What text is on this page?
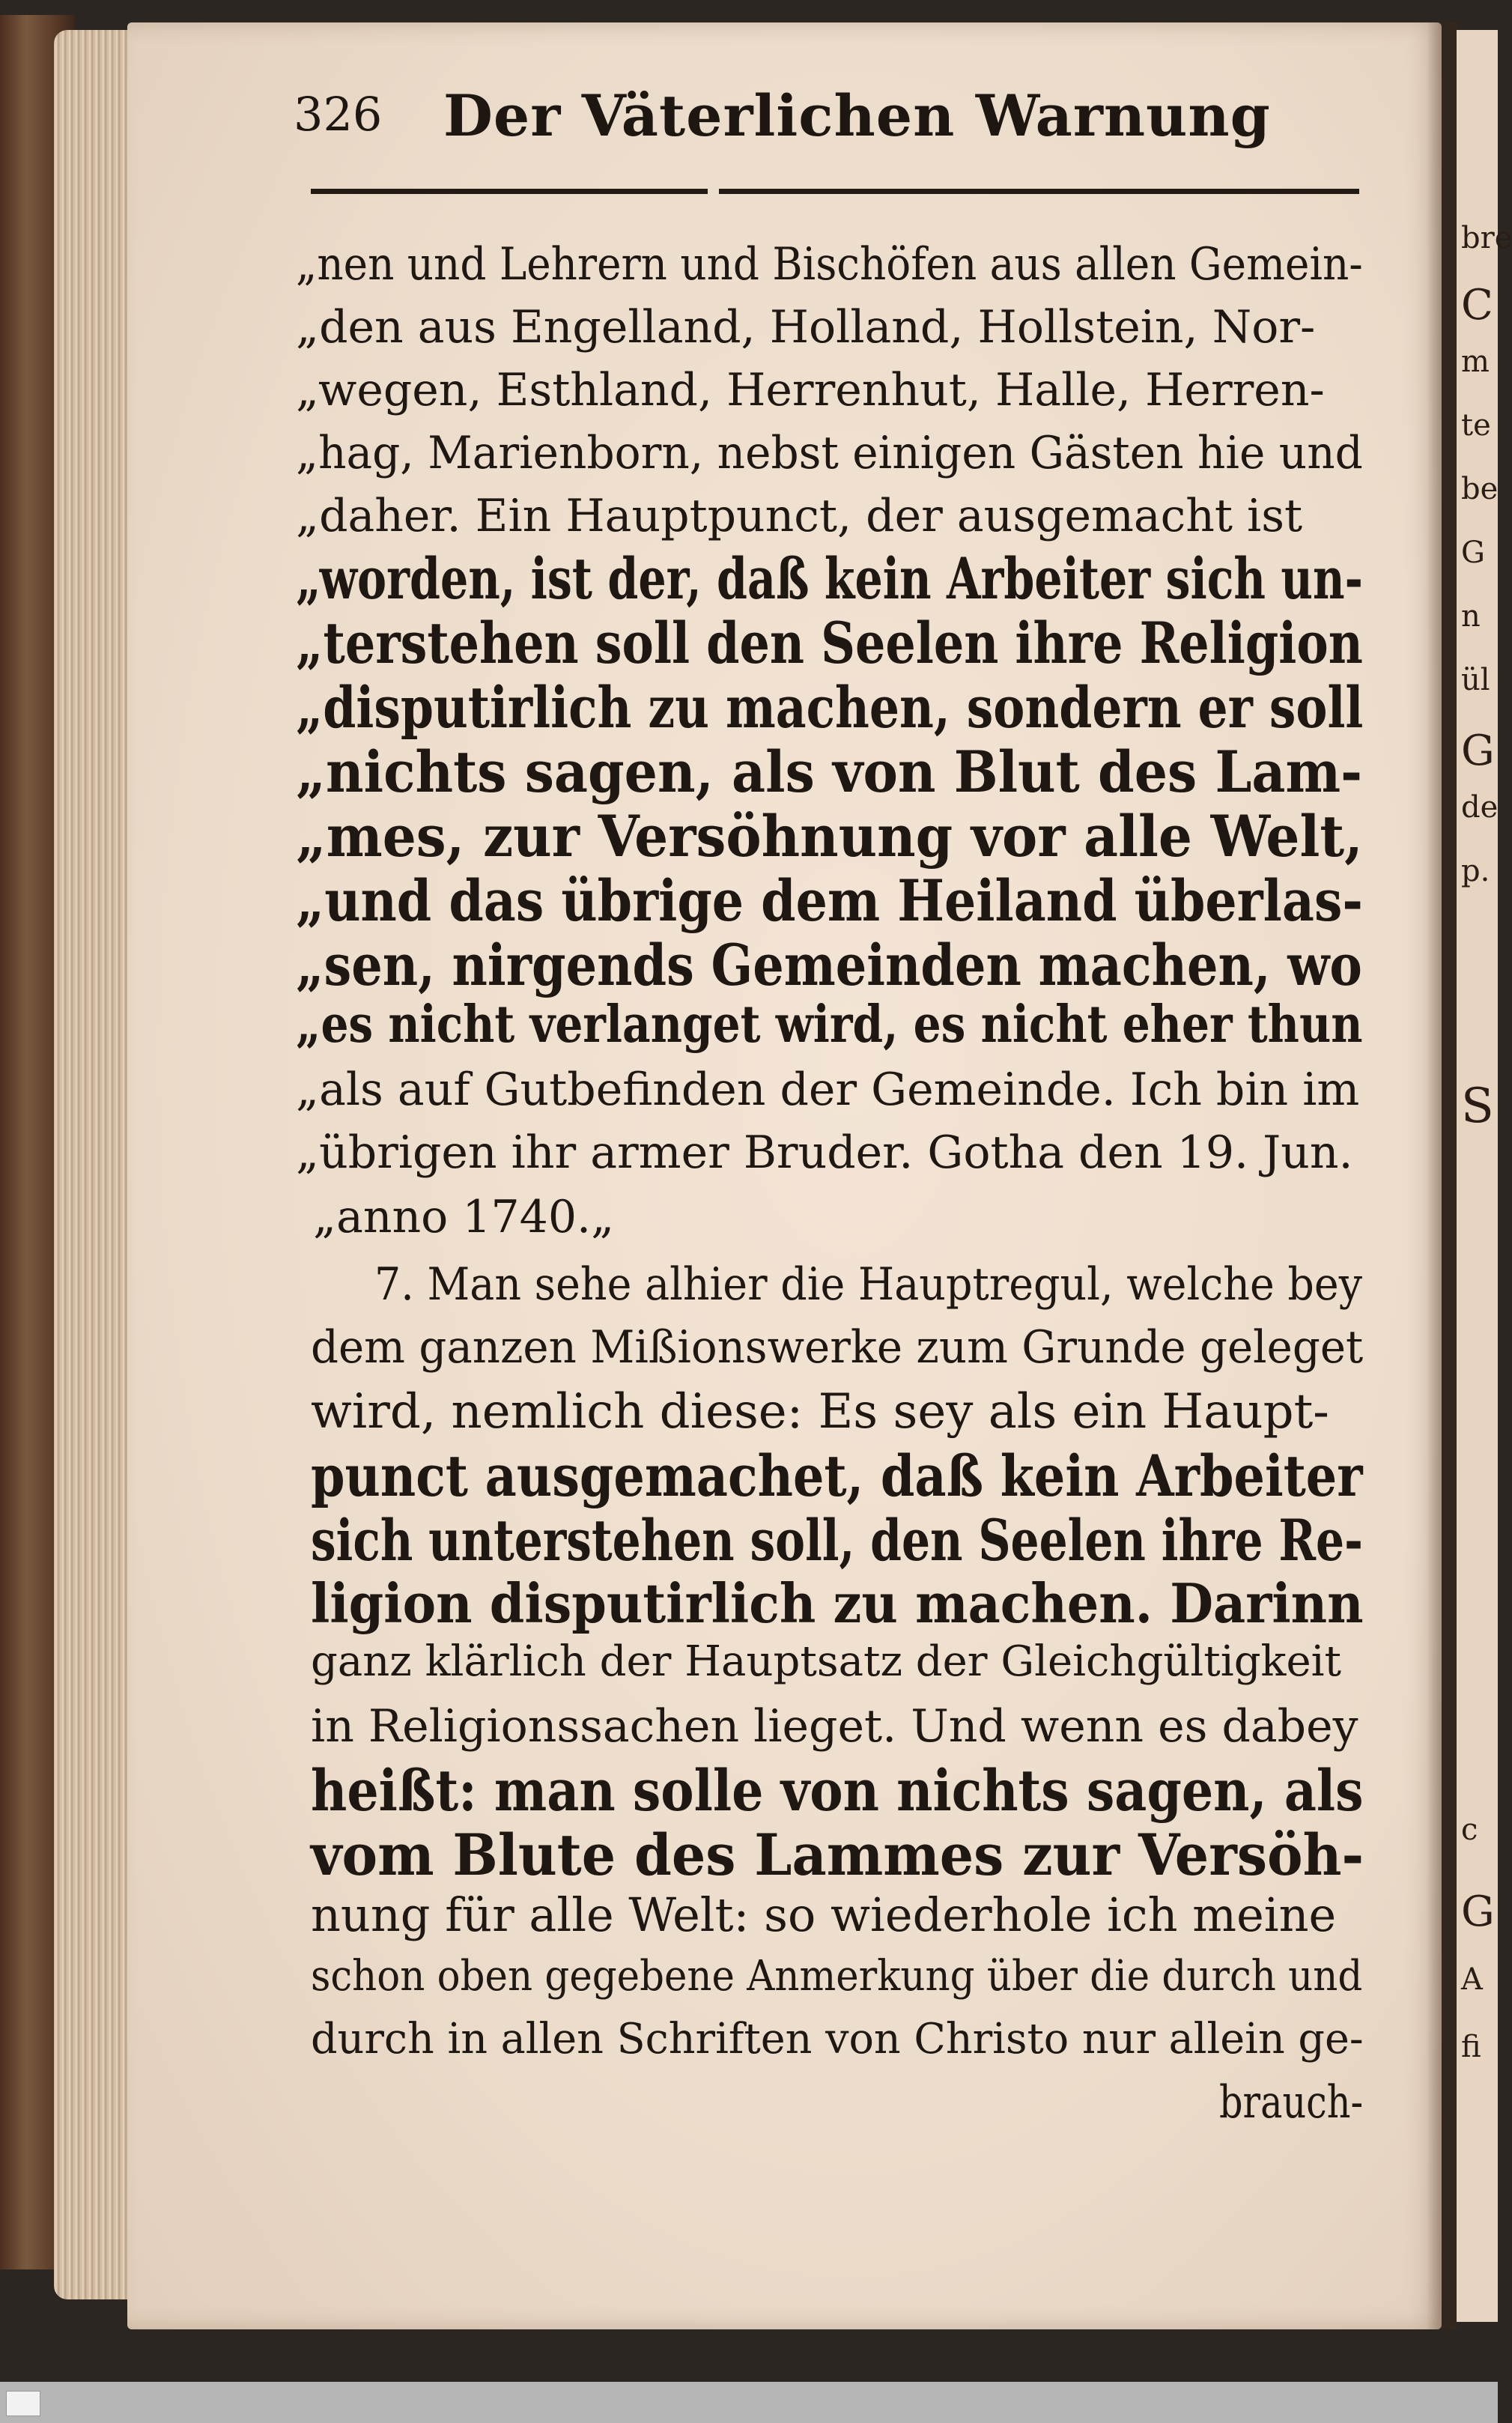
bre
C
m
te
be
G
n
ül
G
de
p.
S
c
G
A
fi
326 Der Väterlichen Warnung
„nen und Lehrern und Bischöfen aus allen Gemein-
„den aus Engelland, Holland, Hollstein, Nor-
„wegen, Esthland, Herrenhut, Halle, Herren-
„hag, Marienborn, nebst einigen Gästen hie und
„daher. Ein Hauptpunct, der ausgemacht ist
„worden, ist der, daß kein Arbeiter sich un-
„terstehen soll den Seelen ihre Religion
„disputirlich zu machen, sondern er soll
„nichts sagen, als von Blut des Lam-
„mes, zur Versöhnung vor alle Welt,
„und das übrige dem Heiland überlas-
„sen, nirgends Gemeinden machen, wo
„es nicht verlanget wird, es nicht eher thun
„als auf Gutbefinden der Gemeinde. Ich bin im
„übrigen ihr armer Bruder. Gotha den 19. Jun.
„anno 1740.„
7. Man sehe alhier die Hauptregul, welche bey
dem ganzen Mißionswerke zum Grunde geleget
wird, nemlich diese: Es sey als ein Haupt-
punct ausgemachet, daß kein Arbeiter
sich unterstehen soll, den Seelen ihre Re-
ligion disputirlich zu machen. Darinn
ganz klärlich der Hauptsatz der Gleichgültigkeit
in Religionssachen lieget. Und wenn es dabey
heißt: man solle von nichts sagen, als
vom Blute des Lammes zur Versöh-
nung für alle Welt: so wiederhole ich meine
schon oben gegebene Anmerkung über die durch und
durch in allen Schriften von Christo nur allein ge-
brauch-
